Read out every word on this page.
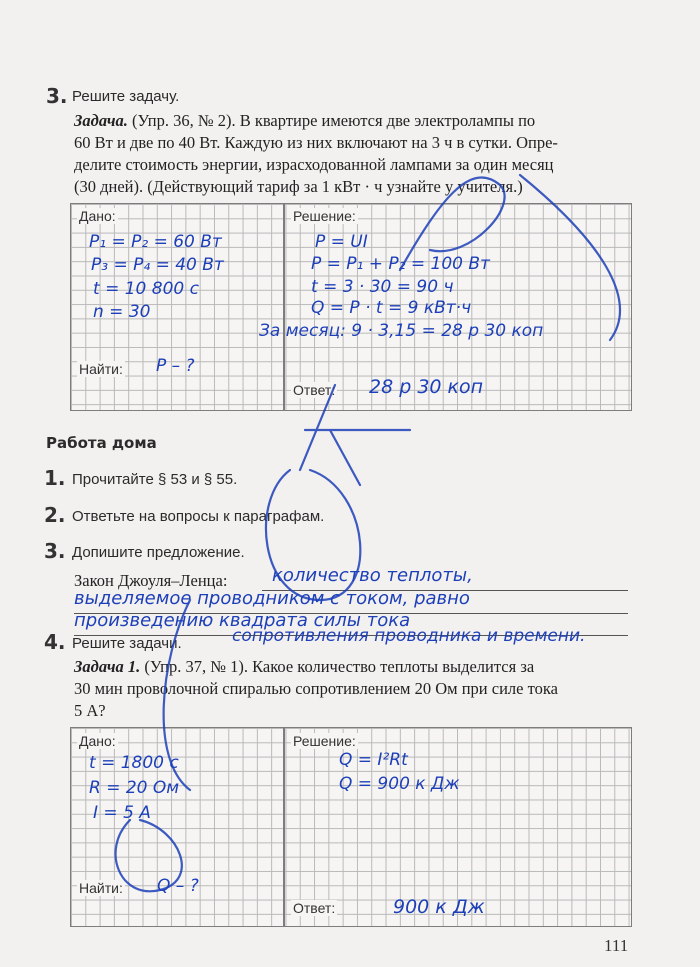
3. Решите задачу.
Задача. (Упр. 36, № 2). В квартире имеются две электролампы по
60 Вт и две по 40 Вт. Каждую из них включают на 3 ч в сутки. Опре-
делите стоимость энергии, израсходованной лампами за один месяц
(30 дней). (Действующий тариф за 1 кВт · ч узнайте у учителя.)
Дано:	Решение:
Найти:
Ответ:
P₁ = P₂ = 60 Вт
P₃ = P₄ = 40 Вт
t = 10 800 с
n = 30
P – ?
P = UI
P = P₁ + P₂ = 100 Вт
t = 3 · 30 = 90 ч
Q = P · t = 9 кВт·ч
За месяц: 9 · 3,15 = 28 р 30 коп
28 р 30 коп
Работа дома
1. Прочитайте § 53 и § 55.
2. Ответьте на вопросы к параграфам.
3. Допишите предложение.
Закон Джоуля–Ленца: количество теплоты,
выделяемое проводником с током, равно
произведению квадрата силы тока
сопротивления проводника и времени.
4. Решите задачи.
Задача 1. (Упр. 37, № 1). Какое количество теплоты выделится за
30 мин проволочной спиралью сопротивлением 20 Ом при силе тока
5 А?
Дано:	Решение:
Найти:
Ответ:
t = 1800 с
R = 20 Ом
I = 5 А
Q – ?
Q = I²Rt
Q = 900 к Дж
900 к Дж
111
